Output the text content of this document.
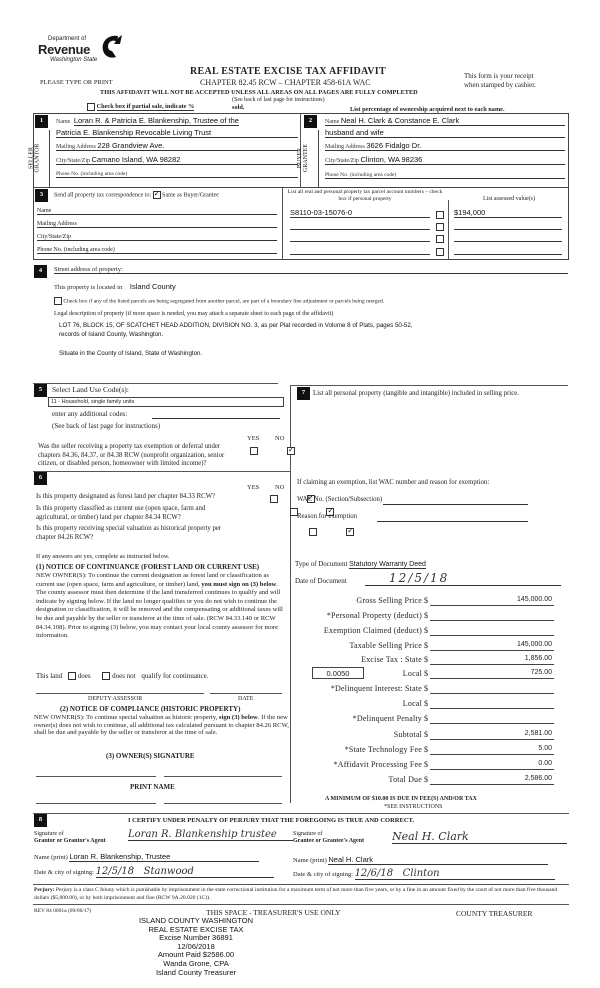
Department of
Revenue
Washington State
PLEASE TYPE OR PRINT
REAL ESTATE EXCISE TAX AFFIDAVIT
CHAPTER 82.45 RCW – CHAPTER 458-61A WAC
This form is your receipt
when stamped by cashier.
THIS AFFIDAVIT WILL NOT BE ACCEPTED UNLESS ALL AREAS ON ALL PAGES ARE FULLY COMPLETED
(See back of last page for instructions)
Check box if partial sale, indicate %	sold.	List percentage of ownership acquired next to each name.
1
SELLER
GRANTOR
Name Loran R. & Patricia E. Blankenship, Trustee of the
Patricia E. Blankenship Revocable Living Trust
Mailing Address 228 Grandview Ave.
City/State/Zip Camano Island, WA 98282
Phone No. (including area code)
2
BUYER
GRANTEE
Name Neal H. Clark & Constance E. Clark
husband and wife
Mailing Address 3626 Fidalgo Dr.
City/State/Zip Clinton, WA 98236
Phone No. (including area code)
3	Send all property tax correspondence to: ✓ Same as Buyer/Grantee
Name
Mailing Address
City/State/Zip
Phone No. (including area code)
List all real and personal property tax parcel account numbers – check box if personal property	List assessed value(s)
S8110-03-15076-0	$194,000
4	Street address of property:
This property is located in Island County
Check box if any of the listed parcels are being segregated from another parcel, are part of a boundary line adjustment or parcels being merged.
Legal description of property (if more space is needed, you may attach a separate sheet to each page of the affidavit)
LOT 76, BLOCK 15, OF SCATCHET HEAD ADDITION, DIVISION NO. 3, as per Plat recorded in Volume 8 of Plats, pages 50-52,
records of Island County, Washington.
Situate in the County of Island, State of Washington.
5	Select Land Use Code(s):
11 - Household, single family units
enter any additional codes:
(See back of last page for instructions)
YES NO
Was the seller receiving a property tax exemption or deferral under chapters 84.36, 84.37, or 84.38 RCW (nonprofit organization, senior citizen, or disabled person, homeowner with limited income)?
✓
6
YES NO
Is this property designated as forest land per chapter 84.33 RCW?
✓
Is this property classified as current use (open space, farm and agricultural, or timber) land per chapter 84.34 RCW?
✓
Is this property receiving special valuation as historical property per chapter 84.26 RCW?
✓
If any answers are yes, complete as instructed below.
(1) NOTICE OF CONTINUANCE (FOREST LAND OR CURRENT USE)
NEW OWNER(S): To continue the current designation as forest land or classification as current use (open space, farm and agriculture, or timber) land, you must sign on (3) below. The county assessor must then determine if the land transferred continues to qualify and will indicate by signing below. If the land no longer qualifies or you do not wish to continue the designation or classification, it will be removed and the compensating or additional taxes will be due and payable by the seller or transferor at the time of sale. (RCW 84.33.140 or RCW 84.34.108). Prior to signing (3) below, you may contact your local county assessor for more information.
This land does	does not qualify for continuance.
DEPUTY ASSESSOR	DATE
(2) NOTICE OF COMPLIANCE (HISTORIC PROPERTY)
NEW OWNER(S): To continue special valuation as historic property, sign (3) below. If the new owner(s) does not wish to continue, all additional tax calculated pursuant to chapter 84.26 RCW, shall be due and payable by the seller or transferor at the time of sale.
(3) OWNER(S) SIGNATURE
PRINT NAME
7	List all personal property (tangible and intangible) included in selling price.
If claiming an exemption, list WAC number and reason for exemption:
WAC No. (Section/Subsection)
Reason for exemption
Type of Document Statutory Warranty Deed
Date of Document	12/5/18
Gross Selling Price $	145,000.00
*Personal Property (deduct) $
Exemption Claimed (deduct) $
Taxable Selling Price $	145,000.00
Excise Tax : State $	1,856.00
0.0050	Local $	725.00
*Delinquent Interest: State $
Local $
*Delinquent Penalty $
Subtotal $	2,581.00
*State Technology Fee $	5.00
*Affidavit Processing Fee $	0.00
Total Due $	2,586.00
A MINIMUM OF $10.00 IS DUE IN FEE(S) AND/OR TAX
*SEE INSTRUCTIONS
8	I CERTIFY UNDER PENALTY OF PERJURY THAT THE FOREGOING IS TRUE AND CORRECT.
Signature of
Grantor or Grantor's Agent
Loran R. Blankenship trustee	Signature of
Grantee or Grantee's Agent	Neal H. Clark
Name (print) Loran R. Blankenship, Trustee	Name (print) Neal H. Clark
Date & city of signing: 12/5/18   Stanwood	Date & city of signing: 12/6/18   Clinton
Perjury: Perjury is a class C felony which is punishable by imprisonment in the state correctional institution for a maximum term of not more than five years, or by a fine in an amount fixed by the court of not more than five thousand dollars ($5,000.00), or by both imprisonment and fine (RCW 9A.20.020 (1C)).
REV 84 0001a (09/06/17)	THIS SPACE - TREASURER'S USE ONLY	COUNTY TREASURER
ISLAND COUNTY WASHINGTON
REAL ESTATE EXCISE TAX
Excise Number 36891
12/06/2018
Amount Paid $2586.00
Wanda Grone, CPA
Island County Treasurer
